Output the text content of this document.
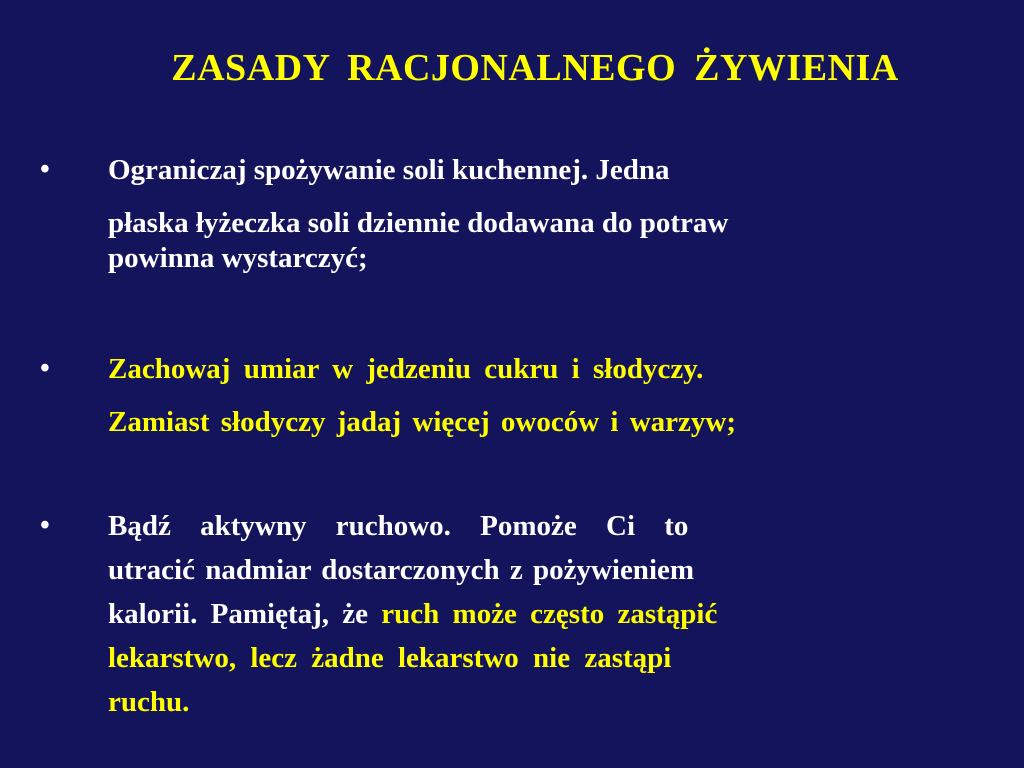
ZASADY RACJONALNEGO ŻYWIENIA
• Ograniczaj spożywanie soli kuchennej. Jedna
płaska łyżeczka soli dziennie dodawana do potraw
powinna wystarczyć;
• Zachowaj umiar w jedzeniu cukru i słodyczy.
Zamiast słodyczy jadaj więcej owoców i warzyw;
• Bądź aktywny ruchowo. Pomoże Ci to
utracić nadmiar dostarczonych z pożywieniem
kalorii. Pamiętaj, że ruch może często zastąpić
lekarstwo, lecz żadne lekarstwo nie zastąpi
ruchu.
